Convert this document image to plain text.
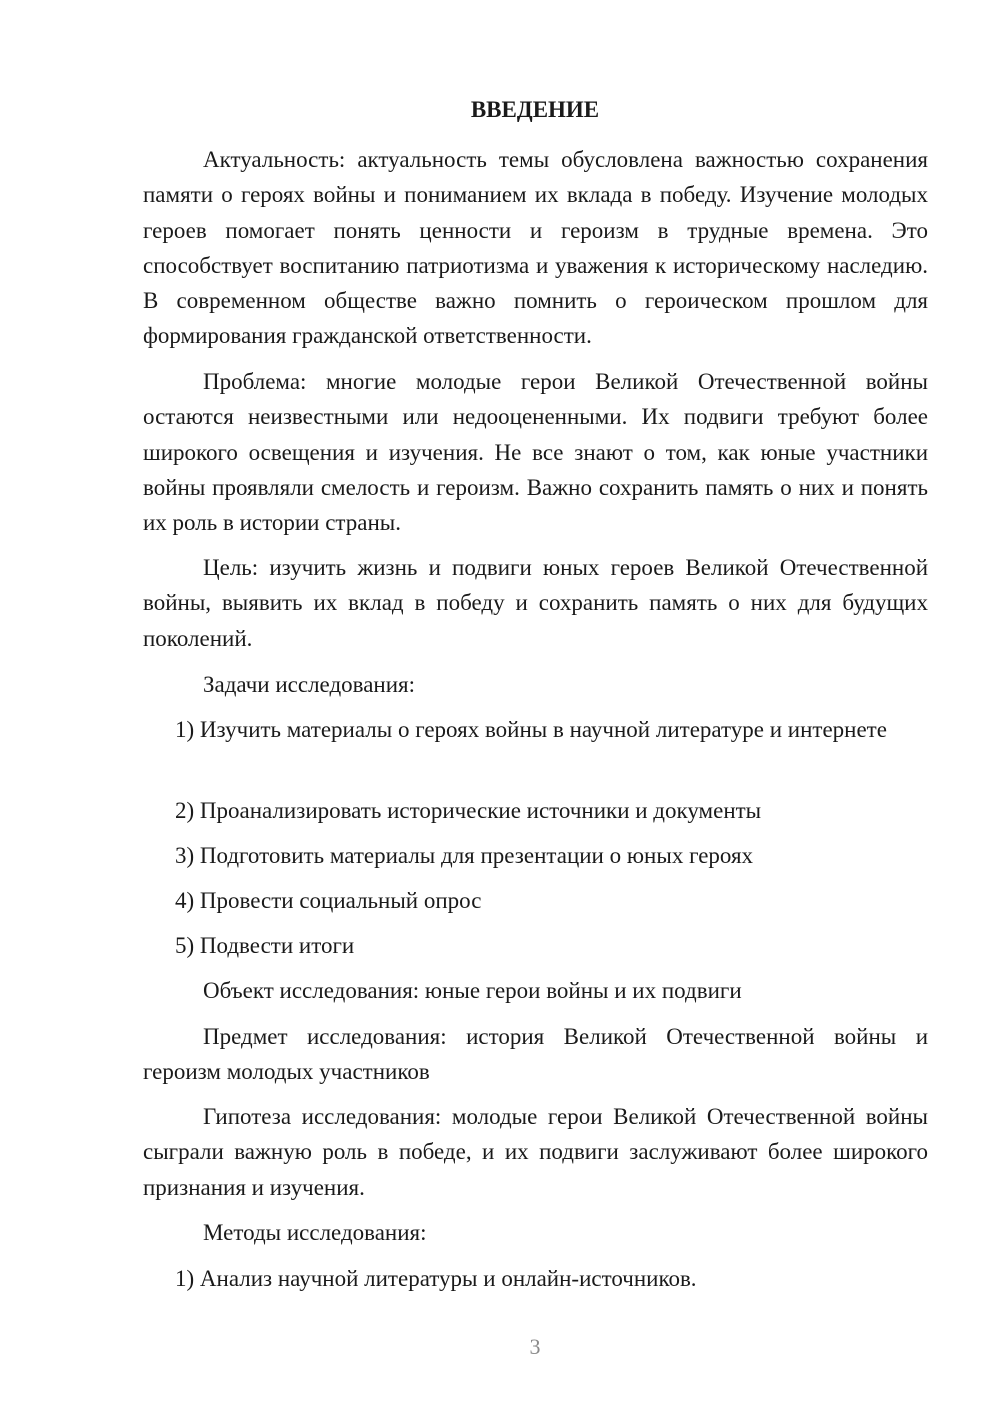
ВВЕДЕНИЕ

Актуальность: актуальность темы обусловлена важностью сохранения памяти о героях войны и пониманием их вклада в победу. Изучение молодых героев помогает понять ценности и героизм в трудные времена. Это способствует воспитанию патриотизма и уважения к историческому наследию. В современном обществе важно помнить о героическом прошлом для формирования гражданской ответственности.

Проблема: многие молодые герои Великой Отечественной войны остаются неизвестными или недооцененными. Их подвиги требуют более широкого освещения и изучения. Не все знают о том, как юные участники войны проявляли смелость и героизм. Важно сохранить память о них и понять их роль в истории страны.

Цель: изучить жизнь и подвиги юных героев Великой Отечественной войны, выявить их вклад в победу и сохранить память о них для будущих поколений.

Задачи исследования:

1) Изучить материалы о героях войны в научной литературе и интернете

2) Проанализировать исторические источники и документы

3) Подготовить материалы для презентации о юных героях

4) Провести социальный опрос

5) Подвести итоги

Объект исследования: юные герои войны и их подвиги

Предмет исследования: история Великой Отечественной войны и героизм молодых участников

Гипотеза исследования: молодые герои Великой Отечественной войны сыграли важную роль в победе, и их подвиги заслуживают более широкого признания и изучения.

Методы исследования:

1) Анализ научной литературы и онлайн-источников.

3
